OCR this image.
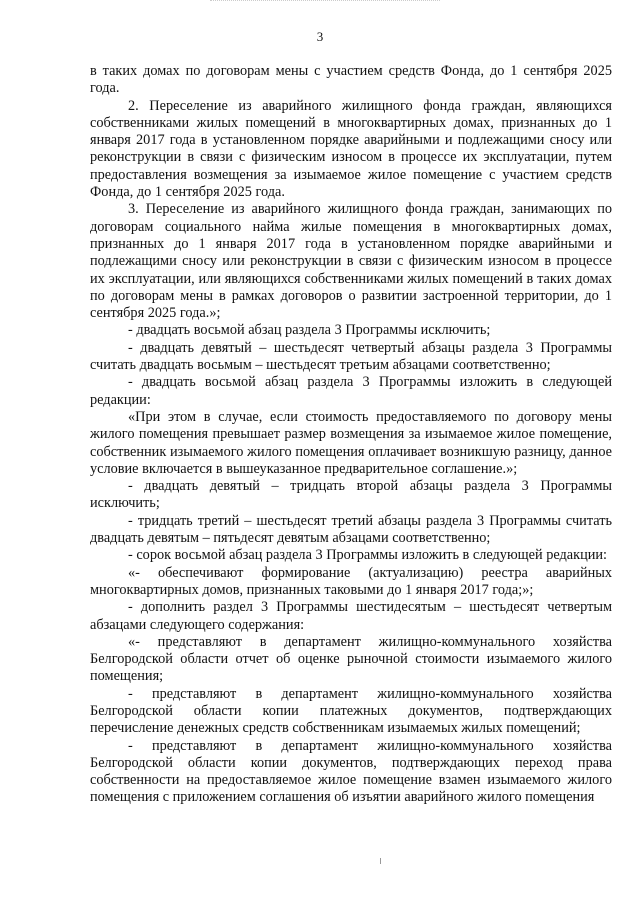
3

в таких домах по договорам мены с участием средств Фонда, до 1 сентября 2025 года.

2. Переселение из аварийного жилищного фонда граждан, являющихся собственниками жилых помещений в многоквартирных домах, признанных до 1 января 2017 года в установленном порядке аварийными и подлежащими сносу или реконструкции в связи с физическим износом в процессе их эксплуатации, путем предоставления возмещения за изымаемое жилое помещение с участием средств Фонда, до 1 сентября 2025 года.

3. Переселение из аварийного жилищного фонда граждан, занимающих по договорам социального найма жилые помещения в многоквартирных домах, признанных до 1 января 2017 года в установленном порядке аварийными и подлежащими сносу или реконструкции в связи с физическим износом в процессе их эксплуатации, или являющихся собственниками жилых помещений в таких домах по договорам мены в рамках договоров о развитии застроенной территории, до 1 сентября 2025 года.»;

- двадцать восьмой абзац раздела 3 Программы исключить;

- двадцать девятый – шестьдесят четвертый абзацы раздела 3 Программы считать двадцать восьмым – шестьдесят третьим абзацами соответственно;

- двадцать восьмой абзац раздела 3 Программы изложить в следующей редакции:

«При этом в случае, если стоимость предоставляемого по договору мены жилого помещения превышает размер возмещения за изымаемое жилое помещение, собственник изымаемого жилого помещения оплачивает возникшую разницу, данное условие включается в вышеуказанное предварительное соглашение.»;

- двадцать девятый – тридцать второй абзацы раздела 3 Программы исключить;

- тридцать третий – шестьдесят третий абзацы раздела 3 Программы считать двадцать девятым – пятьдесят девятым абзацами соответственно;

- сорок восьмой абзац раздела 3 Программы изложить в следующей редакции:

«- обеспечивают формирование (актуализацию) реестра аварийных многоквартирных домов, признанных таковыми до 1 января 2017 года;»;

- дополнить раздел 3 Программы шестидесятым – шестьдесят четвертым абзацами следующего содержания:

«- представляют в департамент жилищно-коммунального хозяйства Белгородской области отчет об оценке рыночной стоимости изымаемого жилого помещения;

- представляют в департамент жилищно-коммунального хозяйства Белгородской области копии платежных документов, подтверждающих перечисление денежных средств собственникам изымаемых жилых помещений;

- представляют в департамент жилищно-коммунального хозяйства Белгородской области копии документов, подтверждающих переход права собственности на предоставляемое жилое помещение взамен изымаемого жилого помещения с приложением соглашения об изъятии аварийного жилого помещения
